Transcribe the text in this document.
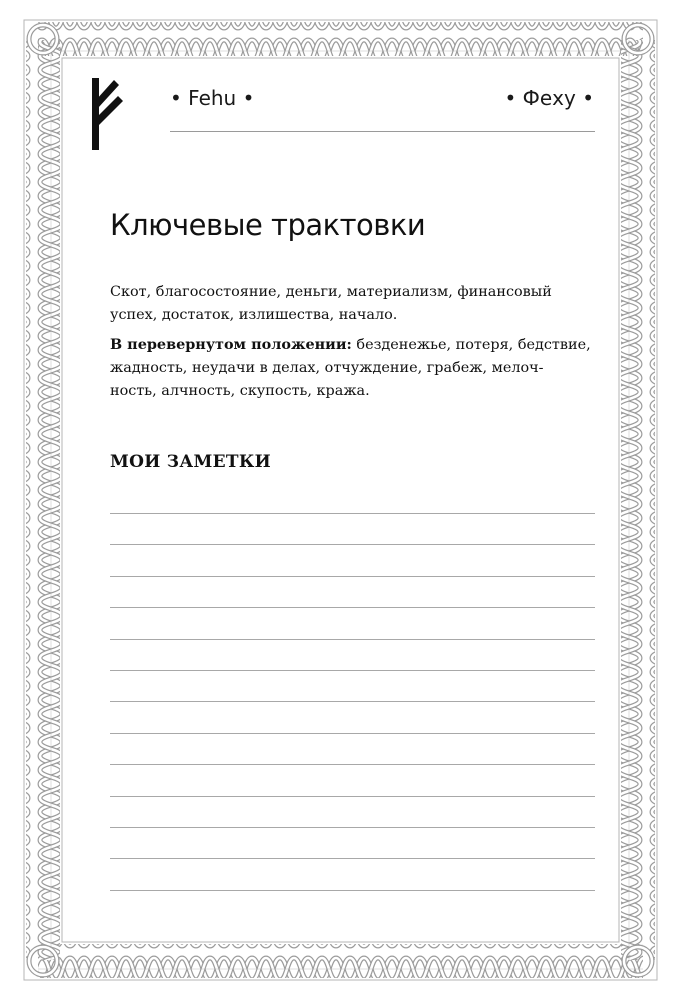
• Fehu •	• Феху •
Ключевые трактовки

Скот, благосостояние, деньги, материализм, финансовый
успех, достаток, излишества, начало.

В перевернутом положении: безденежье, потеря, бедствие,
жадность, неудачи в делах, отчуждение, грабеж, мелоч-
ность, алчность, скупость, кража.

МОИ ЗАМЕТКИ
